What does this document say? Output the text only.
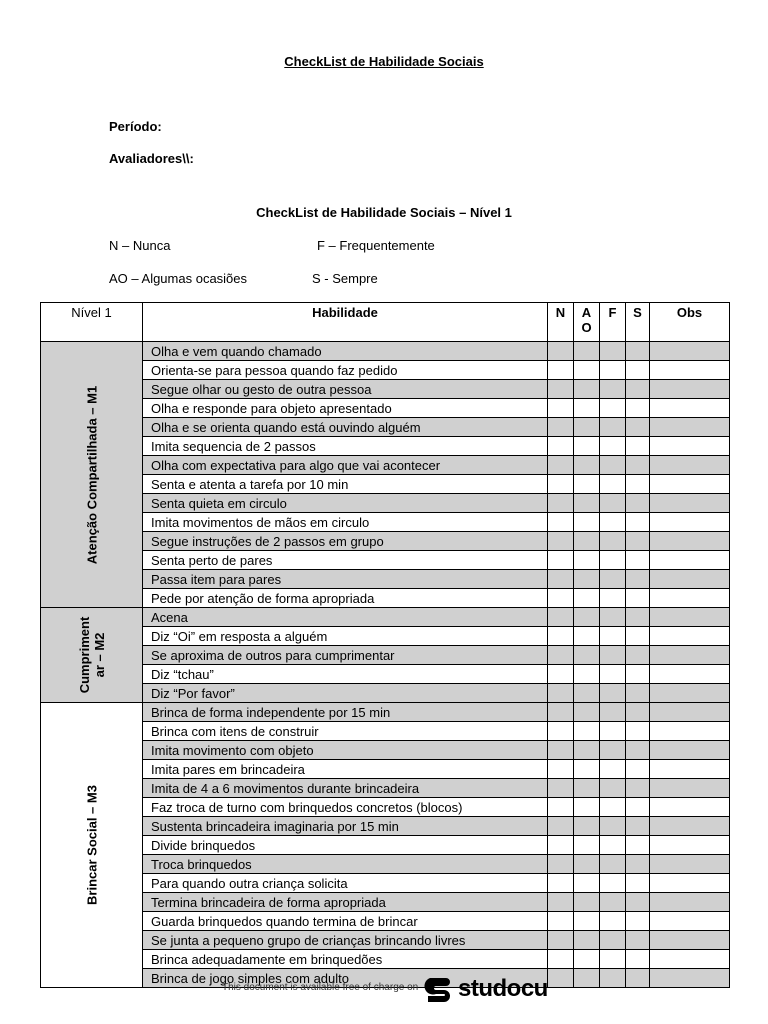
CheckList de Habilidade Sociais
Período:
Avaliadores\\:
CheckList de Habilidade Sociais – Nível 1
N – Nunca	F – Frequentemente
AO – Algumas ocasiões	S - Sempre
Nível 1	Habilidade	N	A
O	F	S	Obs

Atenção Compartilhada – M1	Olha e vem quando chamado					
	Orienta-se para pessoa quando faz pedido					
	Segue olhar ou gesto de outra pessoa					
	Olha e responde para objeto apresentado					
	Olha e se orienta quando está ouvindo alguém					
	Imita sequencia de 2 passos					
	Olha com expectativa para algo que vai acontecer					
	Senta e atenta a tarefa por 10 min					
	Senta quieta em circulo					
	Imita movimentos de mãos em circulo					
	Segue instruções de 2 passos em grupo					
	Senta perto de pares					
	Passa item para pares					
	Pede por atenção de forma apropriada					

Cumpriment
ar – M2	Acena					
	Diz “Oi” em resposta a alguém					
	Se aproxima de outros para cumprimentar					
	Diz “tchau”					
	Diz “Por favor”					

Brincar Social – M3	Brinca de forma independente por 15 min					
	Brinca com itens de construir					
	Imita movimento com objeto					
	Imita pares em brincadeira					
	Imita de 4 a 6 movimentos durante brincadeira					
	Faz troca de turno com brinquedos concretos (blocos)					
	Sustenta brincadeira imaginaria por 15 min					
	Divide brinquedos					
	Troca brinquedos					
	Para quando outra criança solicita					
	Termina brincadeira de forma apropriada					
	Guarda brinquedos quando termina de brincar					
	Se junta a pequeno grupo de crianças brincando livres					
	Brinca adequadamente em brinquedões					
	Brinca de jogo simples com adulto					
This document is available free of charge on studocu
